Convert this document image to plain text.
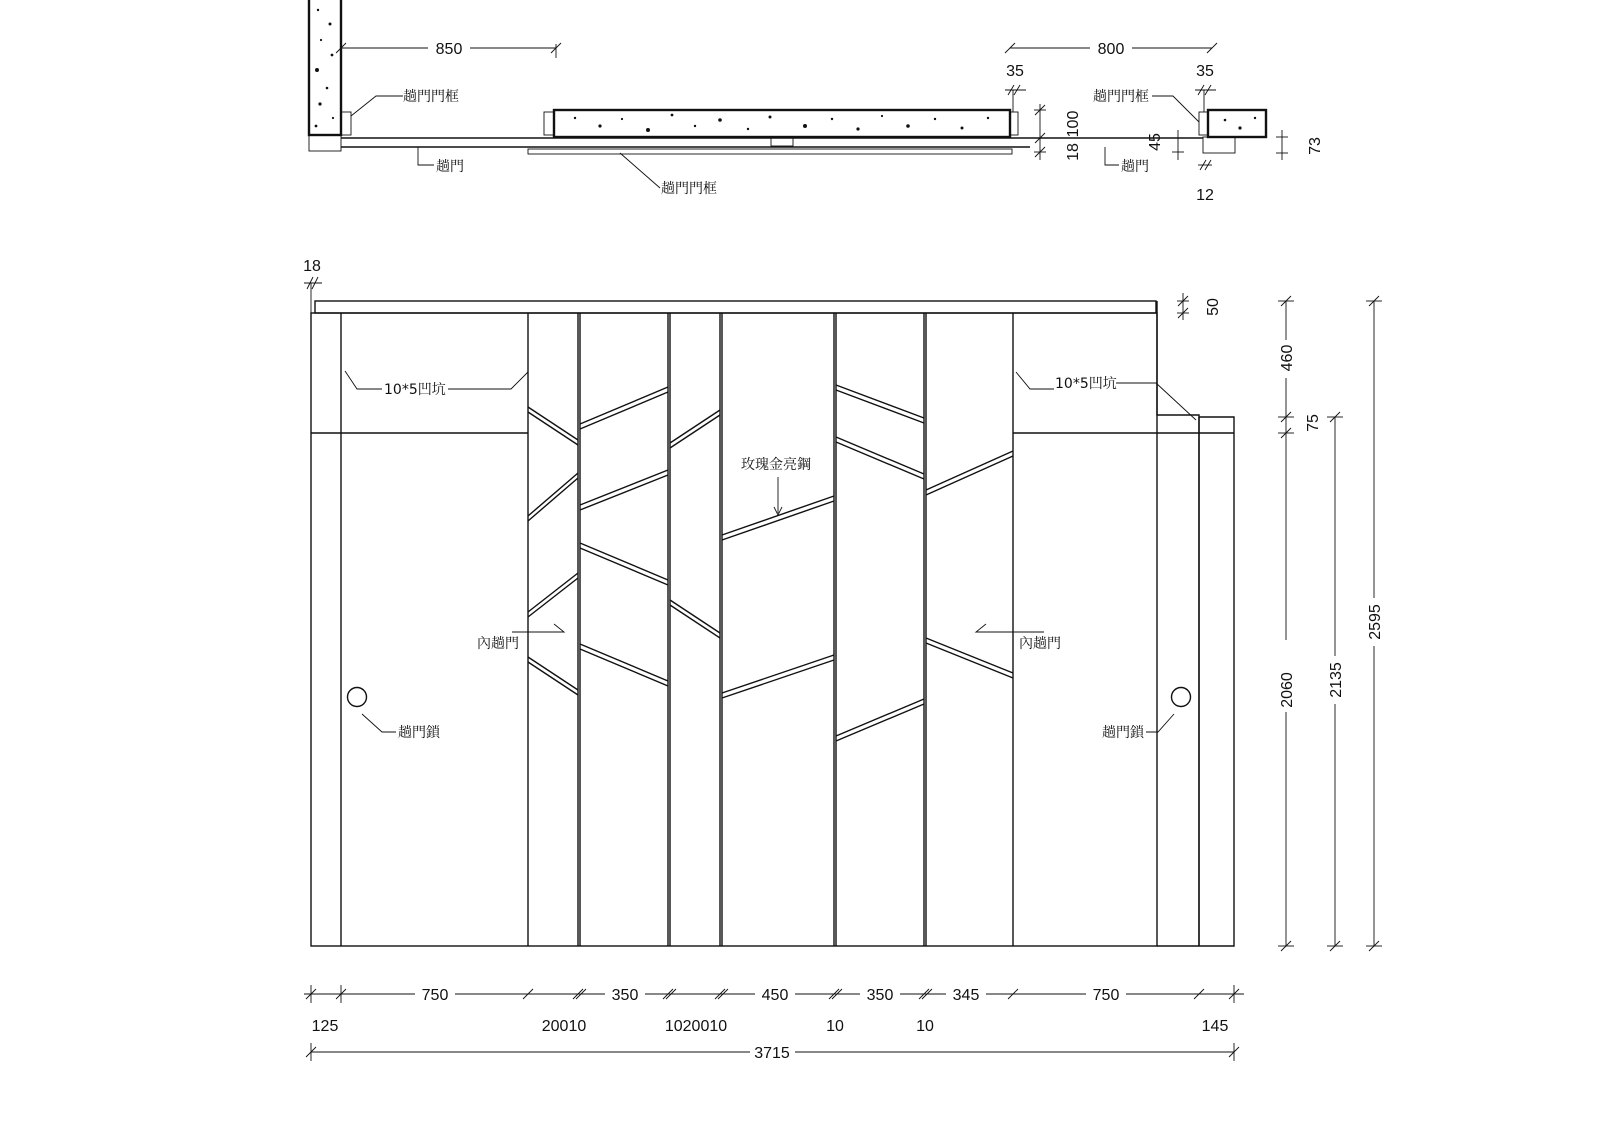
850	800
35	35
100
18
45	73
12
趟門門框
趟門
趟門門框
趟門門框
趟門
10*5凹坑	10*5凹坑
玫瑰金亮鋼
內趟門	內趟門
趟門鎖	趟門鎖
18
50
460
2060
75
2135
2595
750	350	450	350	345	750
125	20010	1020010	10	10	145
3715
